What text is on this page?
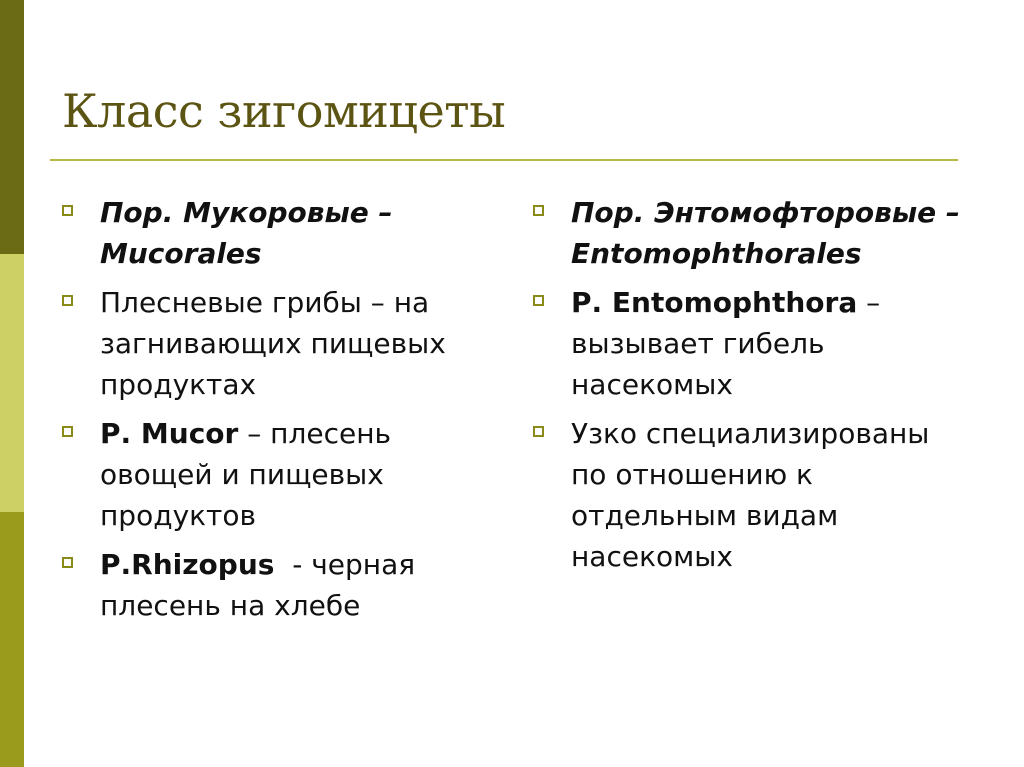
Класс зигомицеты
Пор. Мукоровые – Mucorales
Плесневые грибы – на загнивающих пищевых продуктах
Р. Mucor – плесень овощей и пищевых продуктов
Р.Rhizopus  - черная плесень на хлебе
Пор. Энтомофторовые – Entomophthorales
Р. Entomophthora – вызывает гибель насекомых
Узко специализированы по отношению к отдельным видам насекомых
